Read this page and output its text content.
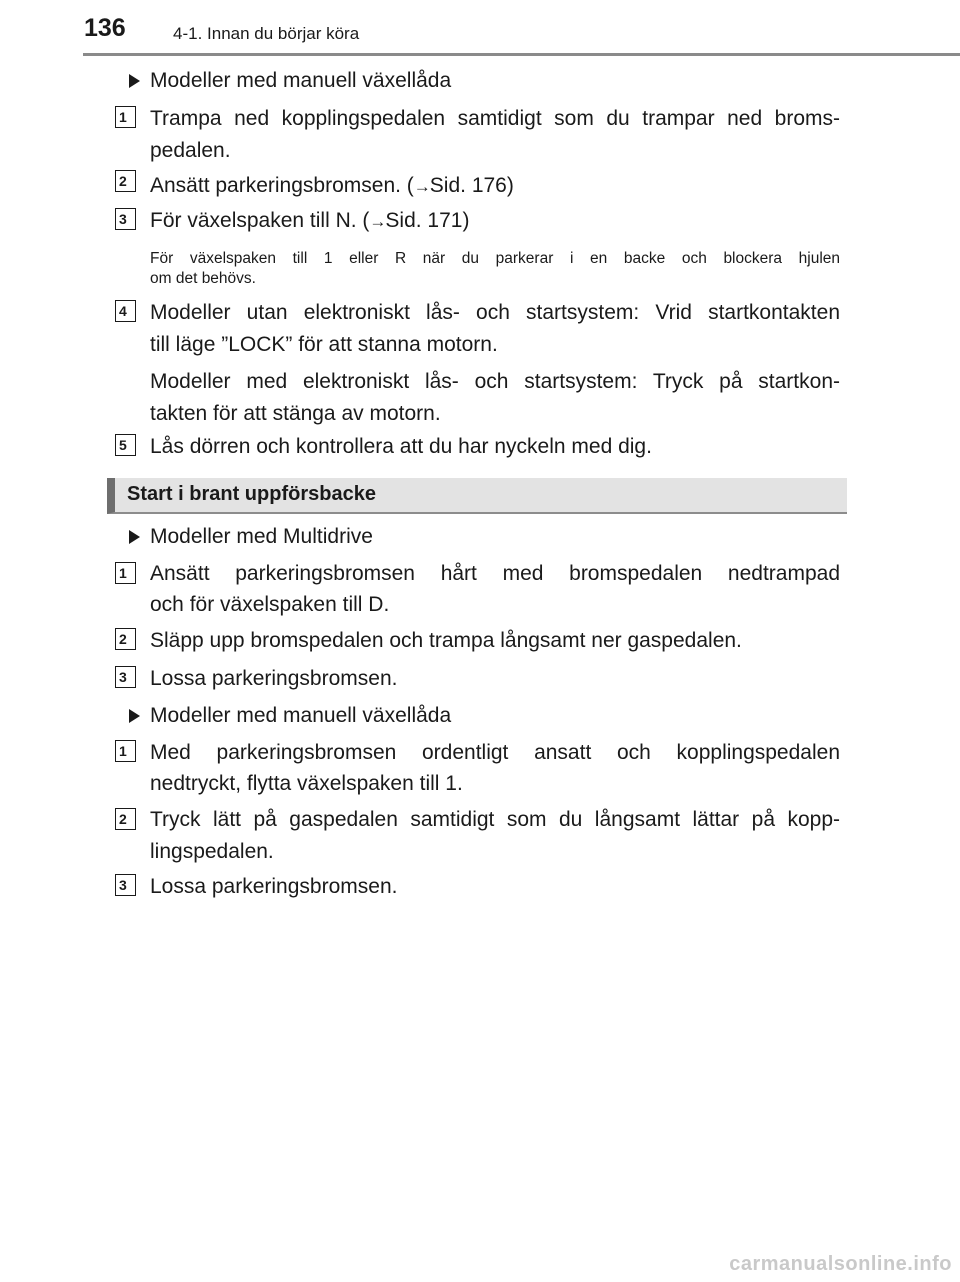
136	4-1. Innan du börjar köra
Modeller med manuell växellåda
1	Trampa ned kopplingspedalen samtidigt som du trampar ned broms-
pedalen.
2	Ansätt parkeringsbromsen. (→Sid. 176)
3	För växelspaken till N. (→Sid. 171)
För växelspaken till 1 eller R när du parkerar i en backe och blockera hjulen
om det behövs.
4	Modeller utan elektroniskt lås- och startsystem: Vrid startkontakten
till läge ”LOCK” för att stanna motorn.
Modeller med elektroniskt lås- och startsystem: Tryck på startkon-
takten för att stänga av motorn.
5	Lås dörren och kontrollera att du har nyckeln med dig.
Start i brant uppförsbacke
Modeller med Multidrive
1	Ansätt parkeringsbromsen hårt med bromspedalen nedtrampad
och för växelspaken till D.
2	Släpp upp bromspedalen och trampa långsamt ner gaspedalen.
3	Lossa parkeringsbromsen.
Modeller med manuell växellåda
1	Med parkeringsbromsen ordentligt ansatt och kopplingspedalen
nedtryckt, flytta växelspaken till 1.
2	Tryck lätt på gaspedalen samtidigt som du långsamt lättar på kopp-
lingspedalen.
3	Lossa parkeringsbromsen.
carmanualsonline.info
